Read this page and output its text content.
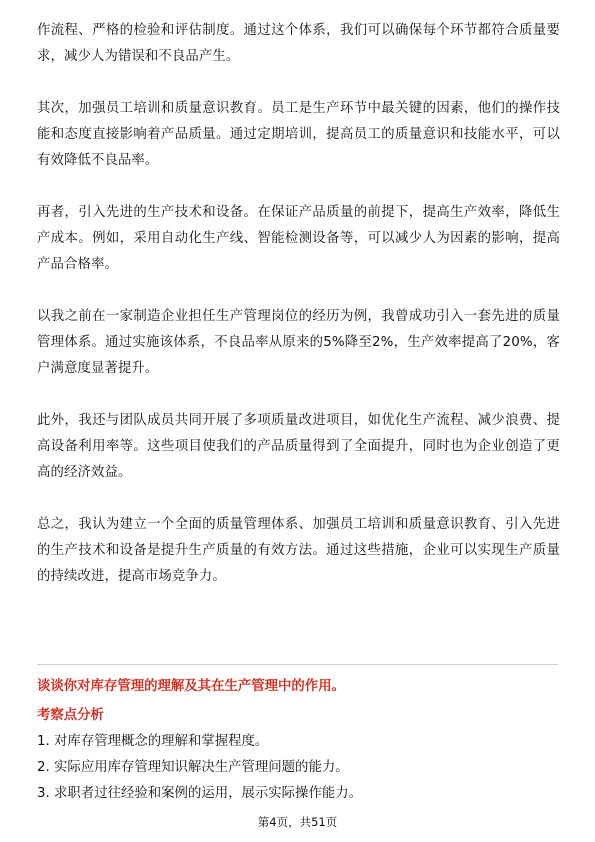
作流程、严格的检验和评估制度。通过这个体系，我们可以确保每个环节都符合质量要求，减少人为错误和不良品产生。

其次，加强员工培训和质量意识教育。员工是生产环节中最关键的因素，他们的操作技能和态度直接影响着产品质量。通过定期培训，提高员工的质量意识和技能水平，可以有效降低不良品率。

再者，引入先进的生产技术和设备。在保证产品质量的前提下，提高生产效率，降低生产成本。例如，采用自动化生产线、智能检测设备等，可以减少人为因素的影响，提高产品合格率。

以我之前在一家制造企业担任生产管理岗位的经历为例，我曾成功引入一套先进的质量管理体系。通过实施该体系，不良品率从原来的5%降至2%，生产效率提高了20%，客户满意度显著提升。

此外，我还与团队成员共同开展了多项质量改进项目，如优化生产流程、减少浪费、提高设备利用率等。这些项目使我们的产品质量得到了全面提升，同时也为企业创造了更高的经济效益。

总之，我认为建立一个全面的质量管理体系、加强员工培训和质量意识教育、引入先进的生产技术和设备是提升生产质量的有效方法。通过这些措施，企业可以实现生产质量的持续改进，提高市场竞争力。

谈谈你对库存管理的理解及其在生产管理中的作用。

考察点分析

1. 对库存管理概念的理解和掌握程度。
2. 实际应用库存管理知识解决生产管理问题的能力。
3. 求职者过往经验和案例的运用，展示实际操作能力。
第4页，共51页
